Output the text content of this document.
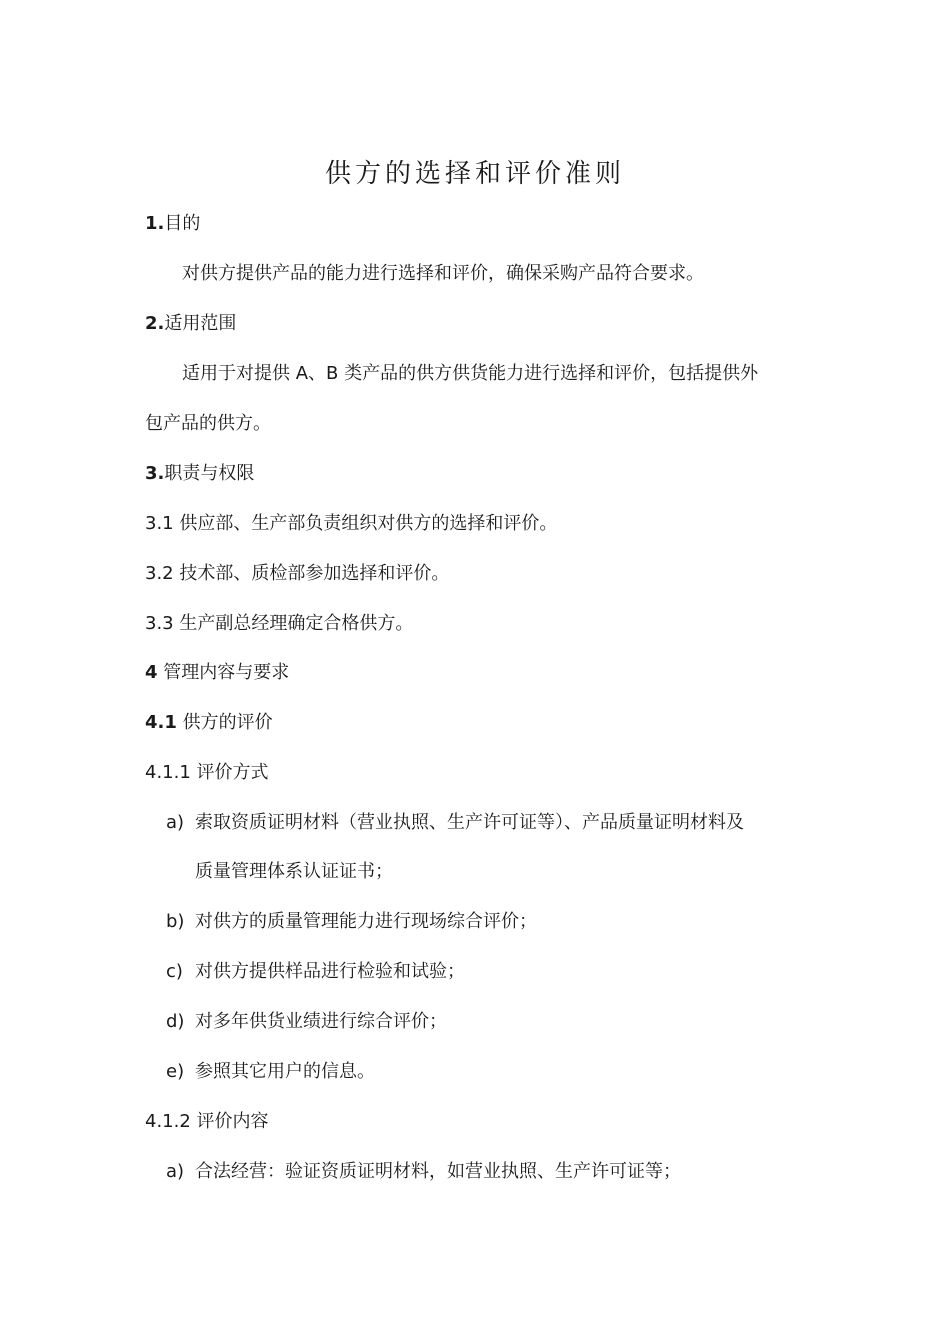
供方的选择和评价准则
1.目的
对供方提供产品的能力进行选择和评价，确保采购产品符合要求。
2.适用范围
适用于对提供 A、B 类产品的供方供货能力进行选择和评价，包括提供外
包产品的供方。
3.职责与权限
3.1 供应部、生产部负责组织对供方的选择和评价。
3.2 技术部、质检部参加选择和评价。
3.3 生产副总经理确定合格供方。
4 管理内容与要求
4.1 供方的评价
4.1.1 评价方式
a) 索取资质证明材料（营业执照、生产许可证等）、产品质量证明材料及
质量管理体系认证证书；
b) 对供方的质量管理能力进行现场综合评价；
c) 对供方提供样品进行检验和试验；
d) 对多年供货业绩进行综合评价；
e) 参照其它用户的信息。
4.1.2 评价内容
a) 合法经营：验证资质证明材料，如营业执照、生产许可证等；
